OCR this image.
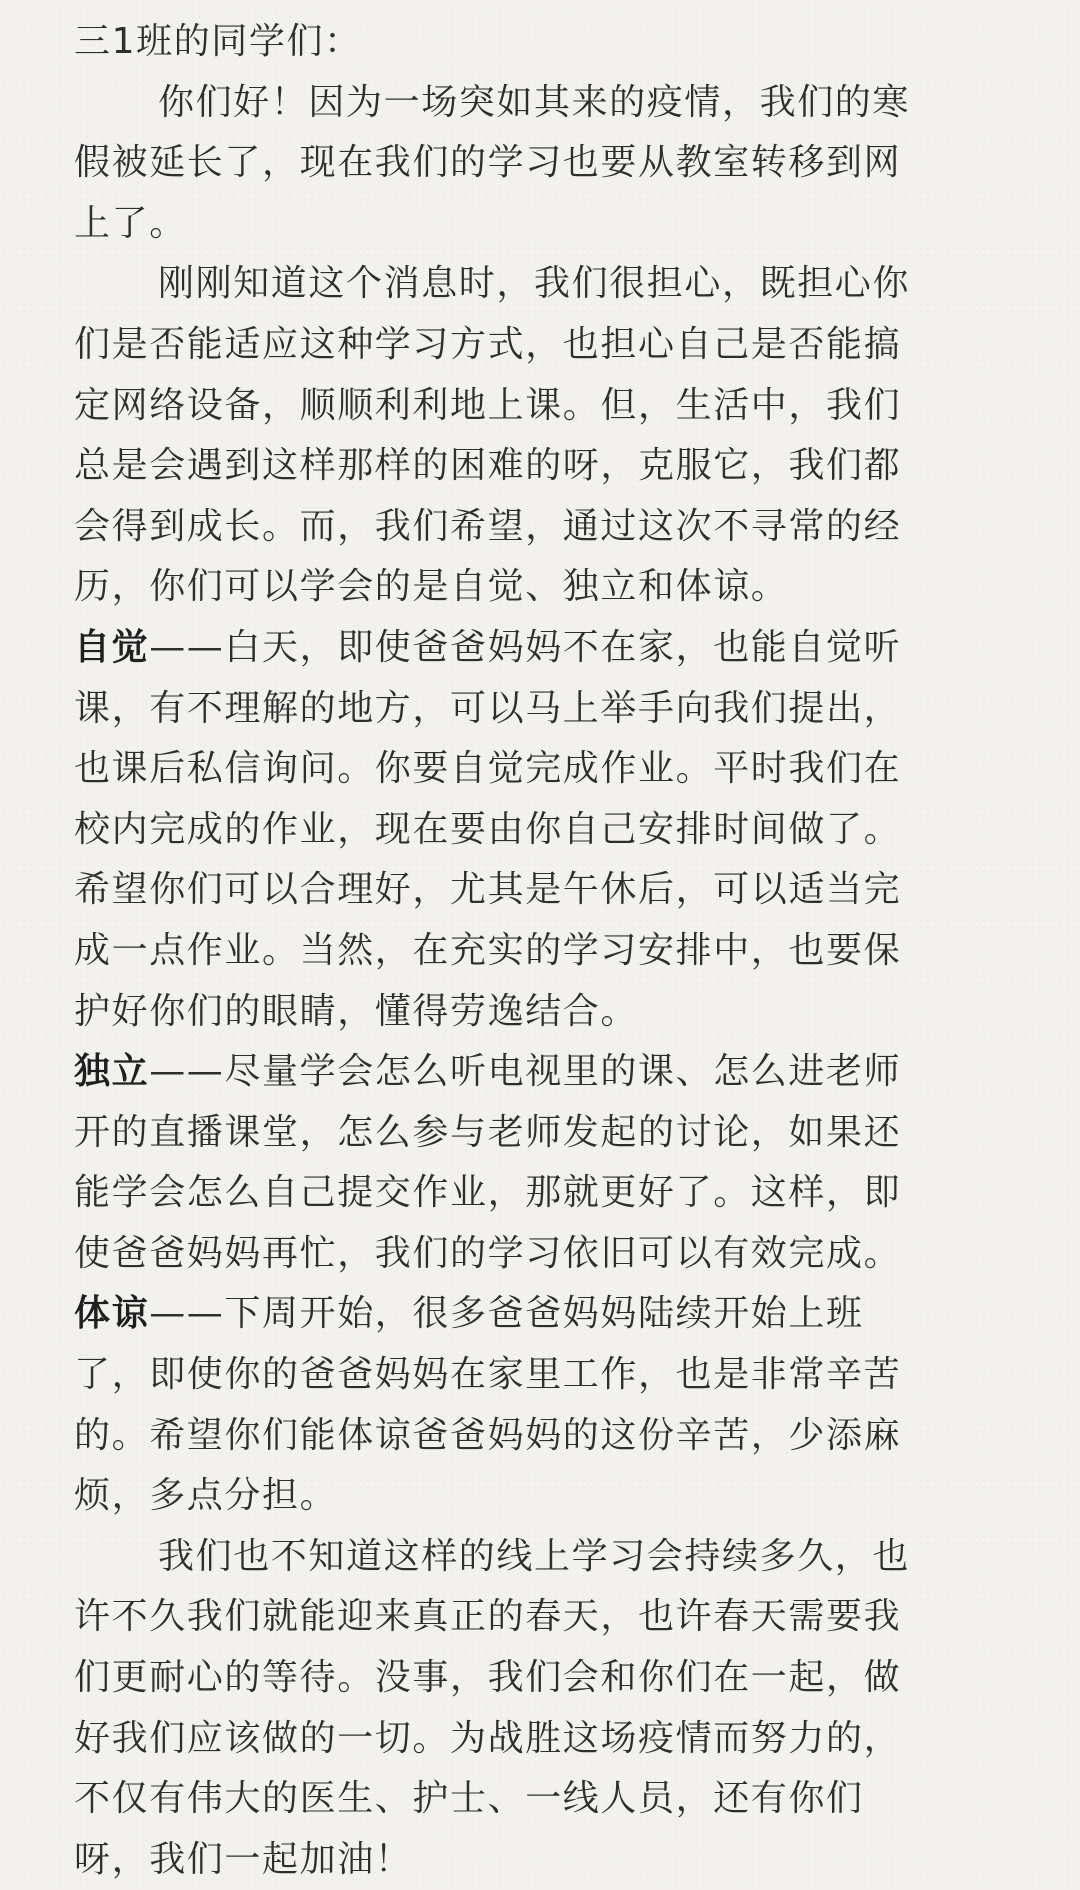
三1班的同学们：
你们好！因为一场突如其来的疫情，我们的寒
假被延长了，现在我们的学习也要从教室转移到网
上了。
刚刚知道这个消息时，我们很担心，既担心你
们是否能适应这种学习方式，也担心自己是否能搞
定网络设备，顺顺利利地上课。但，生活中，我们
总是会遇到这样那样的困难的呀，克服它，我们都
会得到成长。而，我们希望，通过这次不寻常的经
历，你们可以学会的是自觉、独立和体谅。
自觉——白天，即使爸爸妈妈不在家，也能自觉听
课，有不理解的地方，可以马上举手向我们提出，
也课后私信询问。你要自觉完成作业。平时我们在
校内完成的作业，现在要由你自己安排时间做了。
希望你们可以合理好，尤其是午休后，可以适当完
成一点作业。当然，在充实的学习安排中，也要保
护好你们的眼睛，懂得劳逸结合。
独立——尽量学会怎么听电视里的课、怎么进老师
开的直播课堂，怎么参与老师发起的讨论，如果还
能学会怎么自己提交作业，那就更好了。这样，即
使爸爸妈妈再忙，我们的学习依旧可以有效完成。
体谅——下周开始，很多爸爸妈妈陆续开始上班
了，即使你的爸爸妈妈在家里工作，也是非常辛苦
的。希望你们能体谅爸爸妈妈的这份辛苦，少添麻
烦，多点分担。
我们也不知道这样的线上学习会持续多久，也
许不久我们就能迎来真正的春天，也许春天需要我
们更耐心的等待。没事，我们会和你们在一起，做
好我们应该做的一切。为战胜这场疫情而努力的，
不仅有伟大的医生、护士、一线人员，还有你们
呀，我们一起加油！
